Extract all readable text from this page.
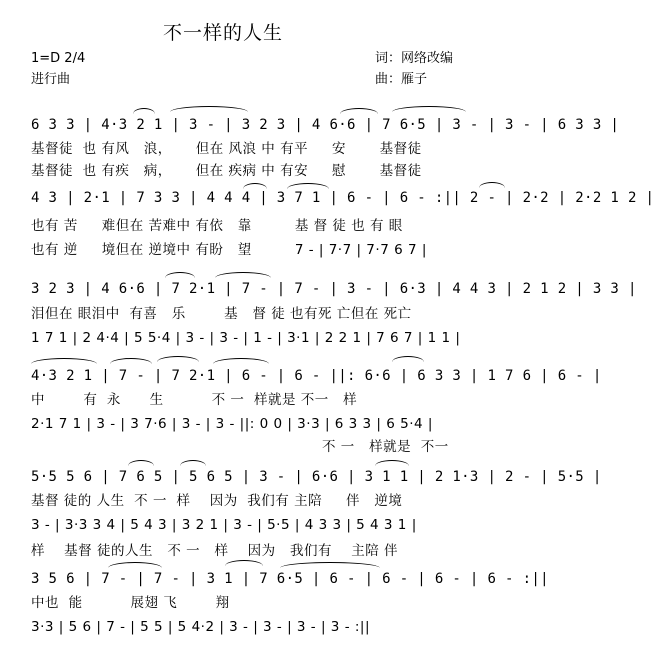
不一样的人生
1=D 2/4
进行曲
词：网络改编
曲：雁子
6 3 3 | 4·3 2 1 | 3 - | 3 2 3 | 4 6·6 | 7 6·5 | 3 - | 3 - | 6 3 3 |
基督徒  也 有风   浪，     但在 风浪 中 有平     安       基督徒
基督徒  也 有疾   病，     但在 疾病 中 有安     慰       基督徒
4 3 | 2·1 | 7 3 3 | 4 4 4 | 3 7 1 | 6 - | 6 - :|| 2 - | 2·2 | 2·2 1 2 |
也有 苦     难但在 苦难中 有依   靠         基 督 徒 也 有 眼
也有 逆     境但在 逆境中 有盼   望         7 - | 7·7 | 7·7 6 7 |
3 2 3 | 4 6·6 | 7 2·1 | 7 - | 7 - | 3 - | 6·3 | 4 4 3 | 2 1 2 | 3 3 |
泪但在 眼泪中  有喜   乐        基   督 徒 也有死 亡但在 死亡
1 7 1 | 2 4·4 | 5 5·4 | 3 - | 3 - | 1 - | 3·1 | 2 2 1 | 7 6 7 | 1 1 |
4·3 2 1 | 7 - | 7 2·1 | 6 - | 6 - ||: 6·6 | 6 3 3 | 1 7 6 | 6 - |
中        有  永      生          不 一  样就是 不一   样
2·1 7 1 | 3 - | 3 7·6 | 3 - | 3 - ||: 0 0 | 3·3 | 6 3 3 | 6 5·4 |
不 一   样就是  不一
5·5 5 6 | 7 6 5 | 5 6 5 | 3 - | 6·6 | 3 1 1 | 2 1·3 | 2 - | 5·5 |
基督 徒的 人生  不 一  样    因为  我们有 主陪     伴   逆境
3 - | 3·3 3 4 | 5 4 3 | 3 2 1 | 3 - | 5·5 | 4 3 3 | 5 4 3 1 |
样    基督 徒的人生   不 一   样    因为   我们有    主陪 伴
3 5 6 | 7 - | 7 - | 3 1 | 7 6·5 | 6 - | 6 - | 6 - | 6 - :||
中也  能          展翅 飞        翔
3·3 | 5 6 | 7 - | 5 5 | 5 4·2 | 3 - | 3 - | 3 - | 3 - :||
